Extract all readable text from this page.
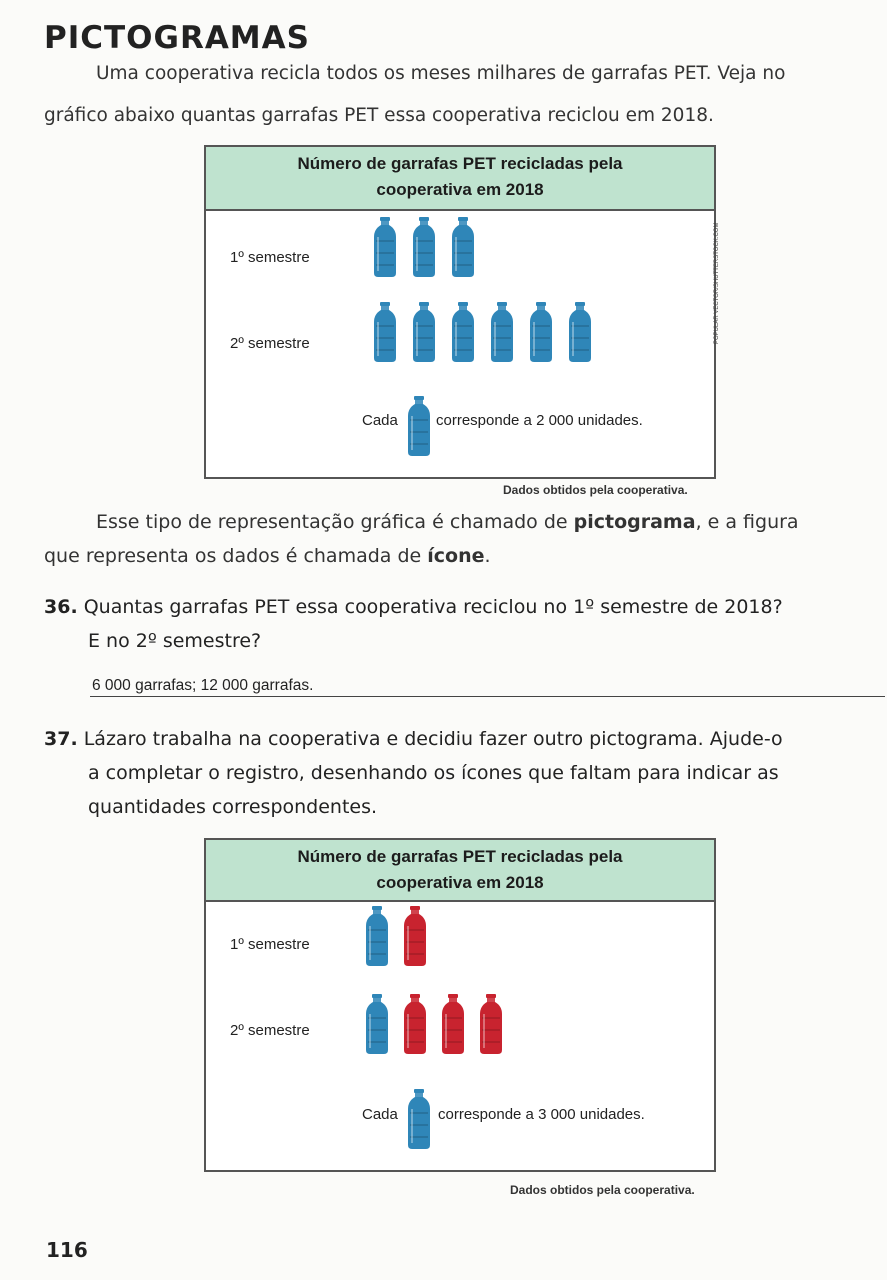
PICTOGRAMAS
Uma cooperativa recicla todos os meses milhares de garrafas PET. Veja no
gráfico abaixo quantas garrafas PET essa cooperativa reciclou em 2018.
Número de garrafas PET recicladas pela
cooperativa em 2018
1º semestre
2º semestre
Cada	corresponde a 2 000 unidades.
POPULAR VECTOR/SHUTTERSTOCK.COM
Dados obtidos pela cooperativa.
Esse tipo de representação gráfica é chamado de pictograma, e a figura
que representa os dados é chamada de ícone.
36. Quantas garrafas PET essa cooperativa reciclou no 1º semestre de 2018?
E no 2º semestre?
6 000 garrafas; 12 000 garrafas.
37. Lázaro trabalha na cooperativa e decidiu fazer outro pictograma. Ajude-o
a completar o registro, desenhando os ícones que faltam para indicar as
quantidades correspondentes.
Número de garrafas PET recicladas pela
cooperativa em 2018
1º semestre
2º semestre
Cada	corresponde a 3 000 unidades.
Dados obtidos pela cooperativa.
116
